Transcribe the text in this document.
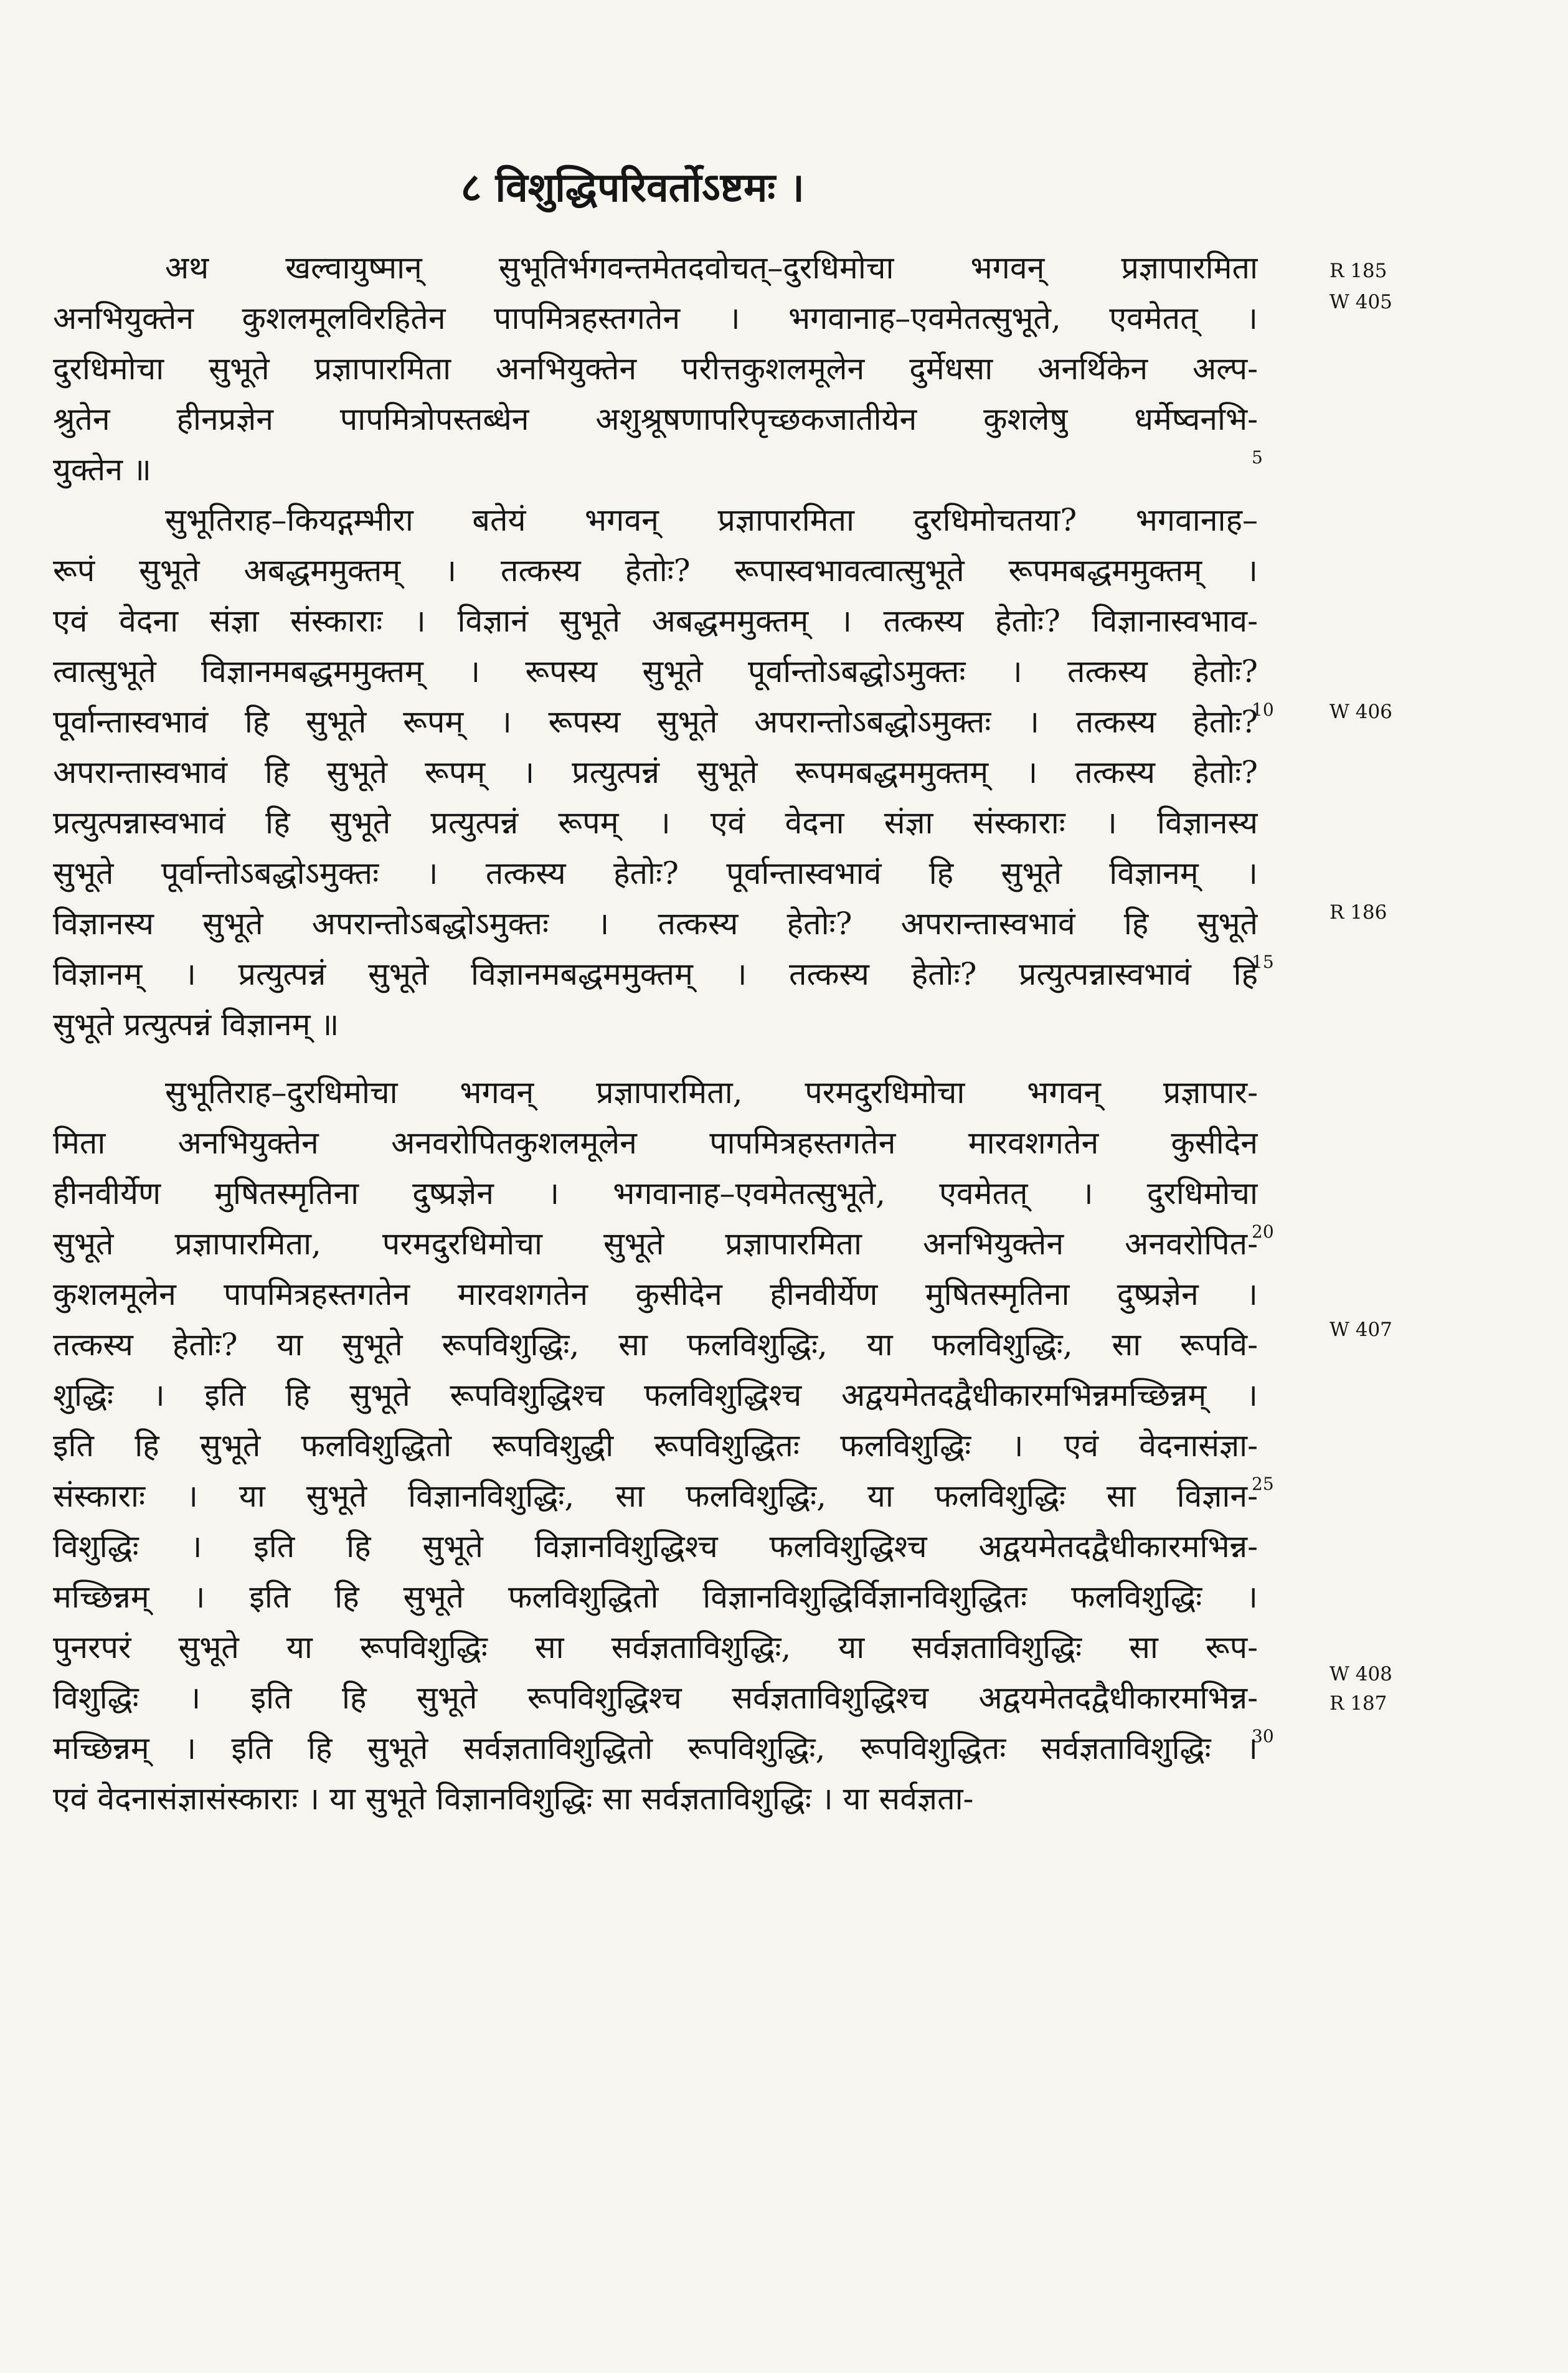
८ विशुद्धिपरिवर्तोऽष्टमः ।
अथ खल्वायुष्मान् सुभूतिर्भगवन्तमेतदवोचत्–दुरधिमोचा भगवन् प्रज्ञापारमिता
अनभियुक्तेन कुशलमूलविरहितेन पापमित्रहस्तगतेन । भगवानाह–एवमेतत्सुभूते, एवमेतत् ।
दुरधिमोचा सुभूते प्रज्ञापारमिता अनभियुक्तेन परीत्तकुशलमूलेन दुर्मेधसा अनर्थिकेन अल्प-
श्रुतेन हीनप्रज्ञेन पापमित्रोपस्तब्धेन अशुश्रूषणापरिपृच्छकजातीयेन कुशलेषु धर्मेष्वनभि-
युक्तेन ॥
सुभूतिराह–कियद्गम्भीरा बतेयं भगवन् प्रज्ञापारमिता दुरधिमोचतया? भगवानाह–
रूपं सुभूते अबद्धममुक्तम् । तत्कस्य हेतोः? रूपास्वभावत्वात्सुभूते रूपमबद्धममुक्तम् ।
एवं वेदना संज्ञा संस्काराः । विज्ञानं सुभूते अबद्धममुक्तम् । तत्कस्य हेतोः? विज्ञानास्वभाव-
त्वात्सुभूते विज्ञानमबद्धममुक्तम् । रूपस्य सुभूते पूर्वान्तोऽबद्धोऽमुक्तः । तत्कस्य हेतोः?
पूर्वान्तास्वभावं हि सुभूते रूपम् । रूपस्य सुभूते अपरान्तोऽबद्धोऽमुक्तः । तत्कस्य हेतोः?
अपरान्तास्वभावं हि सुभूते रूपम् । प्रत्युत्पन्नं सुभूते रूपमबद्धममुक्तम् । तत्कस्य हेतोः?
प्रत्युत्पन्नास्वभावं हि सुभूते प्रत्युत्पन्नं रूपम् । एवं वेदना संज्ञा संस्काराः । विज्ञानस्य
सुभूते पूर्वान्तोऽबद्धोऽमुक्तः । तत्कस्य हेतोः? पूर्वान्तास्वभावं हि सुभूते विज्ञानम् ।
विज्ञानस्य सुभूते अपरान्तोऽबद्धोऽमुक्तः । तत्कस्य हेतोः? अपरान्तास्वभावं हि सुभूते
विज्ञानम् । प्रत्युत्पन्नं सुभूते विज्ञानमबद्धममुक्तम् । तत्कस्य हेतोः? प्रत्युत्पन्नास्वभावं हि
सुभूते प्रत्युत्पन्नं विज्ञानम् ॥
सुभूतिराह–दुरधिमोचा भगवन् प्रज्ञापारमिता, परमदुरधिमोचा भगवन् प्रज्ञापार-
मिता अनभियुक्तेन अनवरोपितकुशलमूलेन पापमित्रहस्तगतेन मारवशगतेन कुसीदेन
हीनवीर्येण मुषितस्मृतिना दुष्प्रज्ञेन । भगवानाह–एवमेतत्सुभूते, एवमेतत् । दुरधिमोचा
सुभूते प्रज्ञापारमिता, परमदुरधिमोचा सुभूते प्रज्ञापारमिता अनभियुक्तेन अनवरोपित-
कुशलमूलेन पापमित्रहस्तगतेन मारवशगतेन कुसीदेन हीनवीर्येण मुषितस्मृतिना दुष्प्रज्ञेन ।
तत्कस्य हेतोः? या सुभूते रूपविशुद्धिः, सा फलविशुद्धिः, या फलविशुद्धिः, सा रूपवि-
शुद्धिः । इति हि सुभूते रूपविशुद्धिश्च फलविशुद्धिश्च अद्वयमेतदद्वैधीकारमभिन्नमच्छिन्नम् ।
इति हि सुभूते फलविशुद्धितो रूपविशुद्धी रूपविशुद्धितः फलविशुद्धिः । एवं वेदनासंज्ञा-
संस्काराः । या सुभूते विज्ञानविशुद्धिः, सा फलविशुद्धिः, या फलविशुद्धिः सा विज्ञान-
विशुद्धिः । इति हि सुभूते विज्ञानविशुद्धिश्च फलविशुद्धिश्च अद्वयमेतदद्वैधीकारमभिन्न-
मच्छिन्नम् । इति हि सुभूते फलविशुद्धितो विज्ञानविशुद्धिर्विज्ञानविशुद्धितः फलविशुद्धिः ।
पुनरपरं सुभूते या रूपविशुद्धिः सा सर्वज्ञताविशुद्धिः, या सर्वज्ञताविशुद्धिः सा रूप-
विशुद्धिः । इति हि सुभूते रूपविशुद्धिश्च सर्वज्ञताविशुद्धिश्च अद्वयमेतदद्वैधीकारमभिन्न-
मच्छिन्नम् । इति हि सुभूते सर्वज्ञताविशुद्धितो रूपविशुद्धिः, रूपविशुद्धितः सर्वज्ञताविशुद्धिः ।
एवं वेदनासंज्ञासंस्काराः । या सुभूते विज्ञानविशुद्धिः सा सर्वज्ञताविशुद्धिः । या सर्वज्ञता-
5
10
15
20
25
30
R 185
W 405
W 406
R 186
W 407
W 408
R 187
